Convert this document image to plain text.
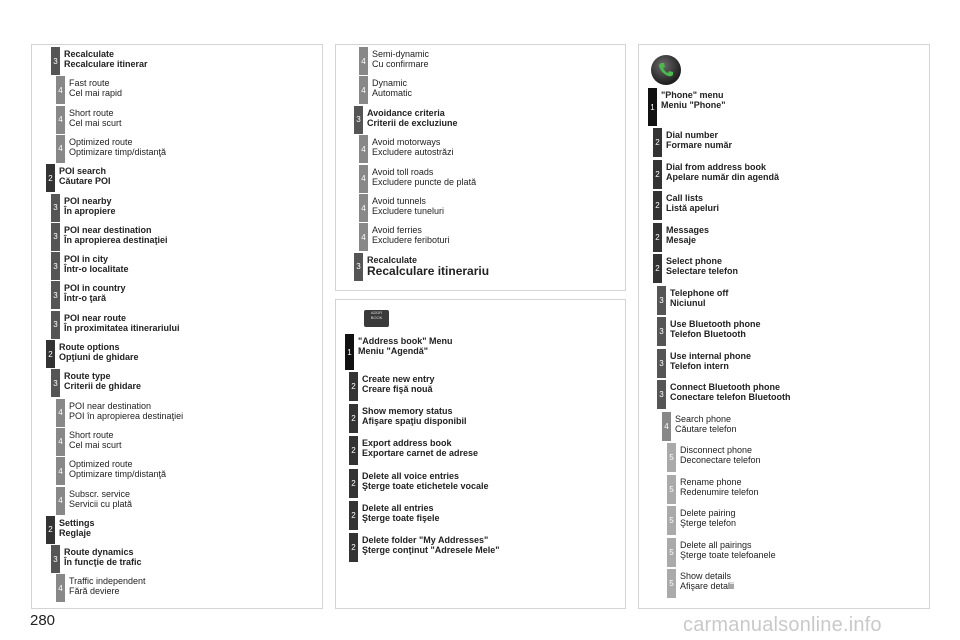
ADDR
BOOK
3
Recalculate
Recalculare itinerar
4
Fast route
Cel mai rapid
4
Short route
Cel mai scurt
4
Optimized route
Optimizare timp/distanţă
2
POI search
Căutare POI
3
POI nearby
În apropiere
3
POI near destination
În apropierea destinaţiei
3
POI in city
Într-o localitate
3
POI in country
Într-o ţară
3
POI near route
În proximitatea itinerariului
2
Route options
Opţiuni de ghidare
3
Route type
Criterii de ghidare
4
POI near destination
POI în apropierea destinaţiei
4
Short route
Cel mai scurt
4
Optimized route
Optimizare timp/distanţă
4
Subscr. service
Servicii cu plată
2
Settings
Reglaje
3
Route dynamics
În funcţie de trafic
4
Traffic independent
Fără deviere
4
Semi-dynamic
Cu confirmare
4
Dynamic
Automatic
3
Avoidance criteria
Criterii de excluziune
4
Avoid motorways
Excludere autostrăzi
4
Avoid toll roads
Excludere puncte de plată
4
Avoid tunnels
Excludere tuneluri
4
Avoid ferries
Excludere feriboturi
3
Recalculate
Recalculare itinerariu
1
"Address book" Menu
Meniu "Agendă"
2
Create new entry
Creare fişă nouă
2
Show memory status
Afişare spaţiu disponibil
2
Export address book
Exportare carnet de adrese
2
Delete all voice entries
Şterge toate etichetele vocale
2
Delete all entries
Şterge toate fişele
2
Delete folder "My Addresses"
Şterge conţinut "Adresele Mele"
1
"Phone" menu
Meniu "Phone"
2
Dial number
Formare număr
2
Dial from address book
Apelare număr din agendă
2
Call lists
Listă apeluri
2
Messages
Mesaje
2
Select phone
Selectare telefon
3
Telephone off
Niciunul
3
Use Bluetooth phone
Telefon Bluetooth
3
Use internal phone
Telefon intern
3
Connect Bluetooth phone
Conectare telefon Bluetooth
4
Search phone
Căutare telefon
5
Disconnect phone
Deconectare telefon
5
Rename phone
Redenumire telefon
5
Delete pairing
Şterge telefon
5
Delete all pairings
Şterge toate telefoanele
5
Show details
Afişare detalii
280	carmanualsonline.info
